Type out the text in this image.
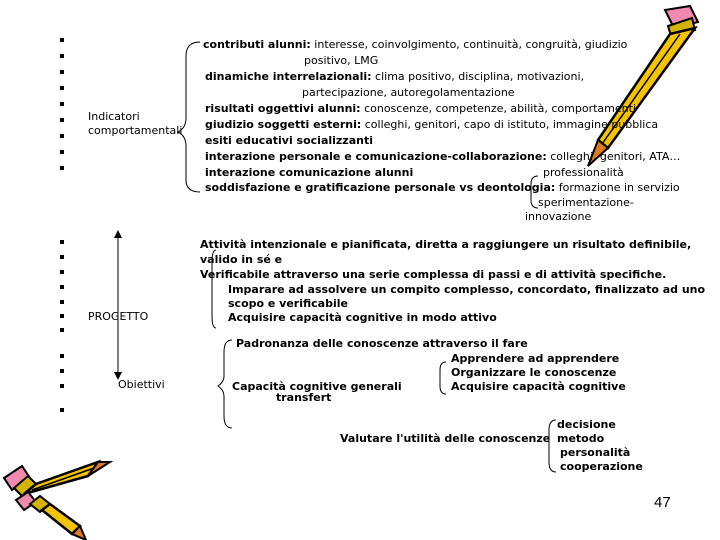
Indicatori
comportamentali
PROGETTO
Obiettivi
contributi alunni: interesse, coinvolgimento, continuità, congruità, giudizio
positivo, LMG
dinamiche interrelazionali: clima positivo, disciplina, motivazioni,
partecipazione, autoregolamentazione
risultati oggettivi alunni: conoscenze, competenze, abilità, comportamenti
giudizio soggetti esterni: colleghi, genitori, capo di istituto, immagine pubblica
esiti educativi socializzanti
interazione personale e comunicazione-collaborazione: colleghi, genitori, ATA…
interazione comunicazione alunni	professionalità
soddisfazione e gratificazione personale vs deontologia: formazione in servizio
sperimentazione-
innovazione
Attività intenzionale e pianificata, diretta a raggiungere un risultato definibile,
valido in sé e
Verificabile attraverso una serie complessa di passi e di attività specifiche.
Imparare ad assolvere un compito complesso, concordato, finalizzato ad uno
scopo e verificabile
Acquisire capacità cognitive in modo attivo
Padronanza delle conoscenze attraverso il fare
Apprendere ad apprendere
Organizzare le conoscenze
Acquisire capacità cognitive
Capacità cognitive generali
transfert
Valutare l'utilità delle conoscenze
decisione
metodo
personalità
cooperazione
47
